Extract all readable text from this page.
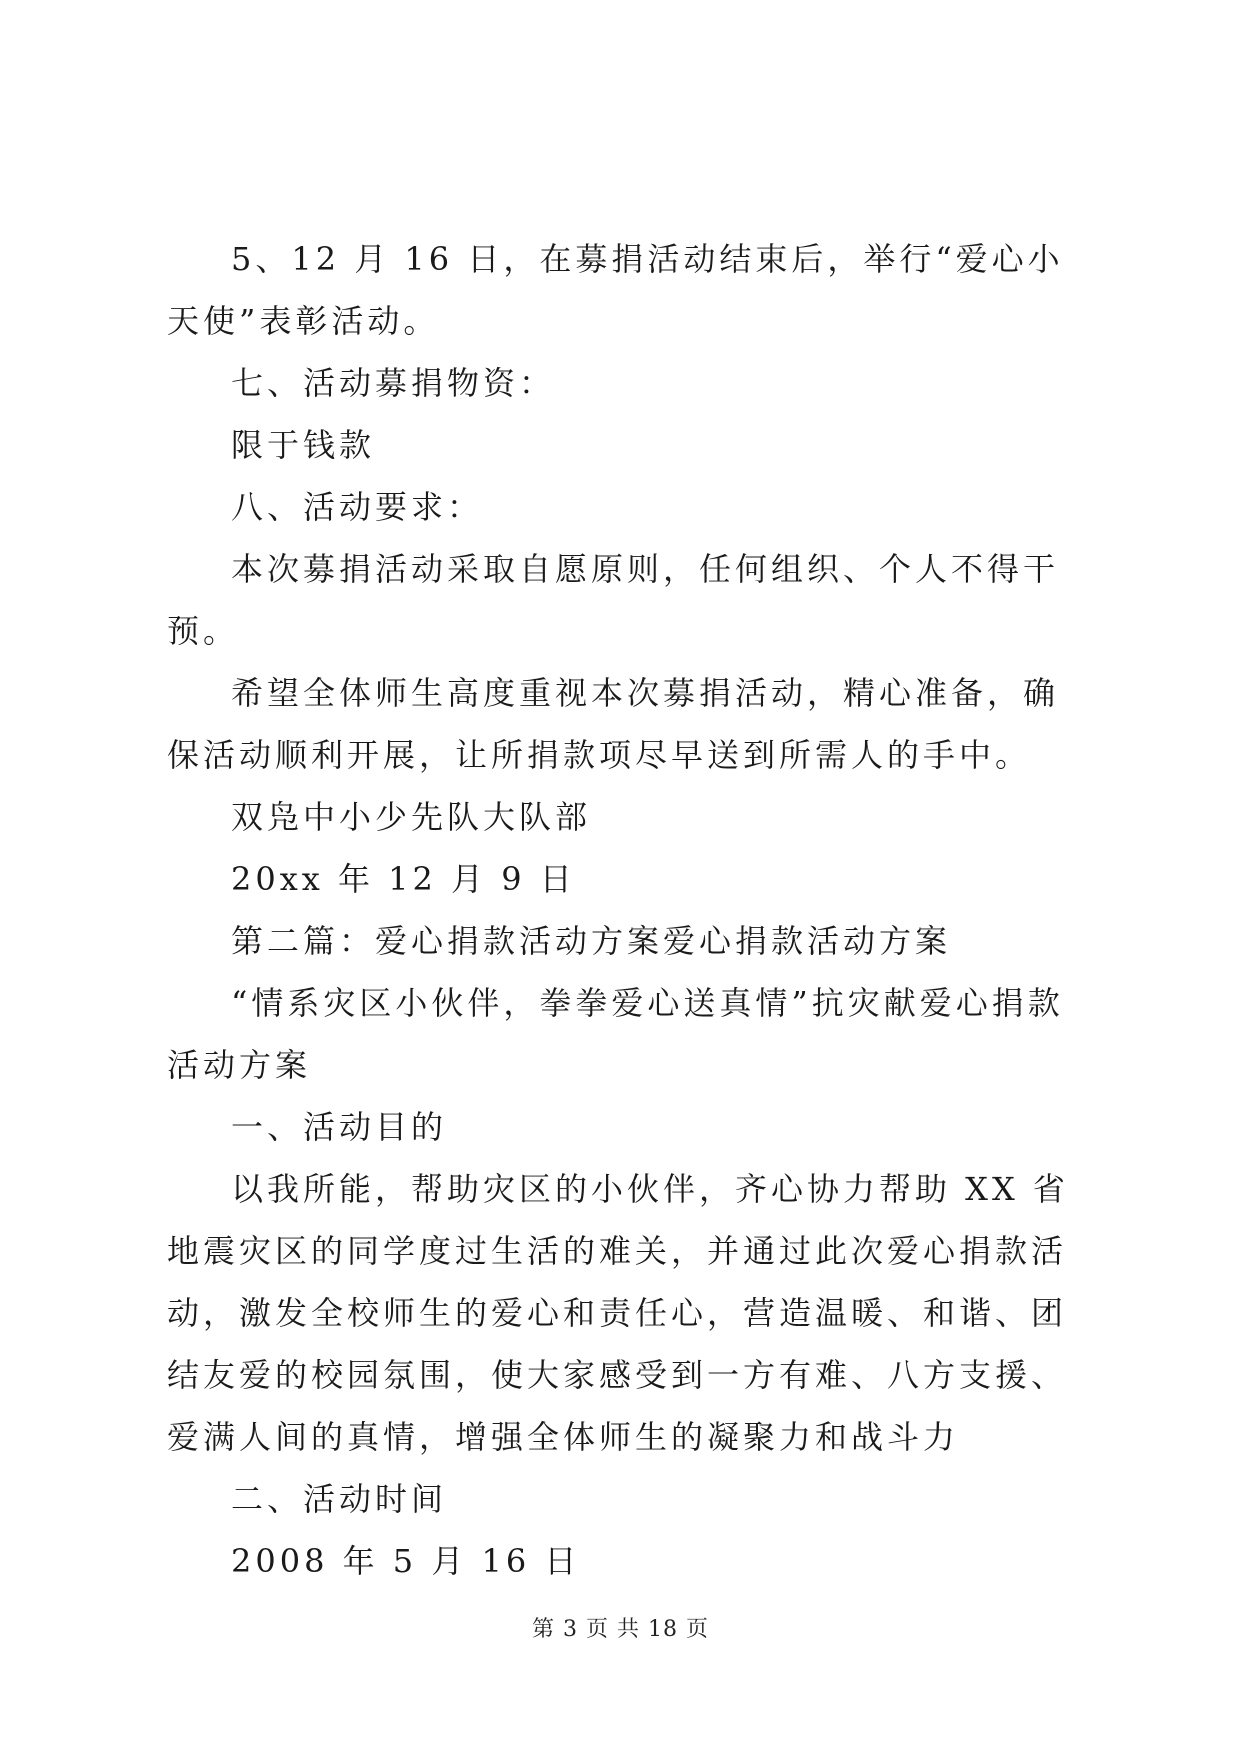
5、12 月 16 日，在募捐活动结束后，举行“爱心小天使”表彰活动。

七、活动募捐物资：

限于钱款

八、活动要求：

本次募捐活动采取自愿原则，任何组织、个人不得干预。

希望全体师生高度重视本次募捐活动，精心准备，确保活动顺利开展，让所捐款项尽早送到所需人的手中。

双凫中小少先队大队部

20xx 年 12 月 9 日

第二篇：爱心捐款活动方案爱心捐款活动方案

“情系灾区小伙伴，拳拳爱心送真情”抗灾献爱心捐款活动方案

一、活动目的

以我所能，帮助灾区的小伙伴，齐心协力帮助 XX 省地震灾区的同学度过生活的难关，并通过此次爱心捐款活动，激发全校师生的爱心和责任心，营造温暖、和谐、团结友爱的校园氛围，使大家感受到一方有难、八方支援、爱满人间的真情，增强全体师生的凝聚力和战斗力

二、活动时间

2008 年 5 月 16 日

第 3 页 共 18 页
